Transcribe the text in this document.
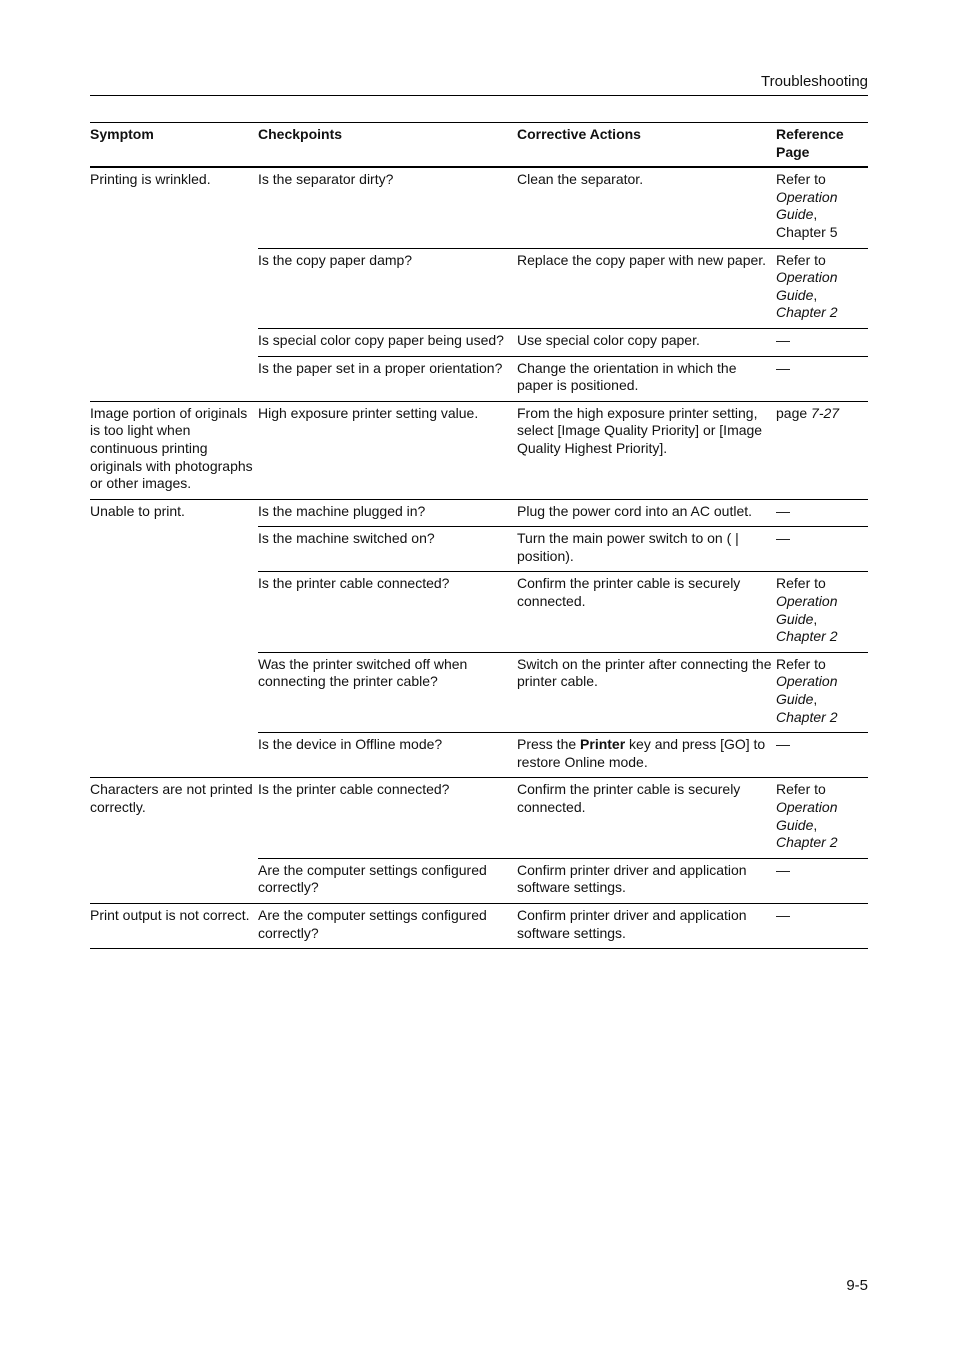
Troubleshooting
Symptom	Checkpoints	Corrective Actions	Reference
Page
Printing is wrinkled.	Is the separator dirty?	Clean the separator.	Refer to
Operation Guide, Chapter 5
	Is the copy paper damp?	Replace the copy paper with new paper.	Refer to
Operation Guide, Chapter 2
	Is special color copy paper being used?	Use special color copy paper.	—
	Is the paper set in a proper orientation?	Change the orientation in which the paper is positioned.	—
Image portion of originals is too light when continuous printing originals with photographs or other images.	High exposure printer setting value.	From the high exposure printer setting, select [Image Quality Priority] or [Image Quality Highest Priority].	page 7-27
Unable to print.	Is the machine plugged in?	Plug the power cord into an AC outlet.	—
	Is the machine switched on?	Turn the main power switch to on ( | position).	—
	Is the printer cable connected?	Confirm the printer cable is securely connected.	Refer to
Operation Guide, Chapter 2
	Was the printer switched off when connecting the printer cable?	Switch on the printer after connecting the printer cable.	Refer to
Operation Guide, Chapter 2
	Is the device in Offline mode?	Press the Printer key and press [GO] to restore Online mode.	—
Characters are not printed correctly.	Is the printer cable connected?	Confirm the printer cable is securely connected.	Refer to
Operation Guide, Chapter 2
	Are the computer settings configured correctly?	Confirm printer driver and application software settings.	—
Print output is not correct.	Are the computer settings configured correctly?	Confirm printer driver and application software settings.	—
9-5
